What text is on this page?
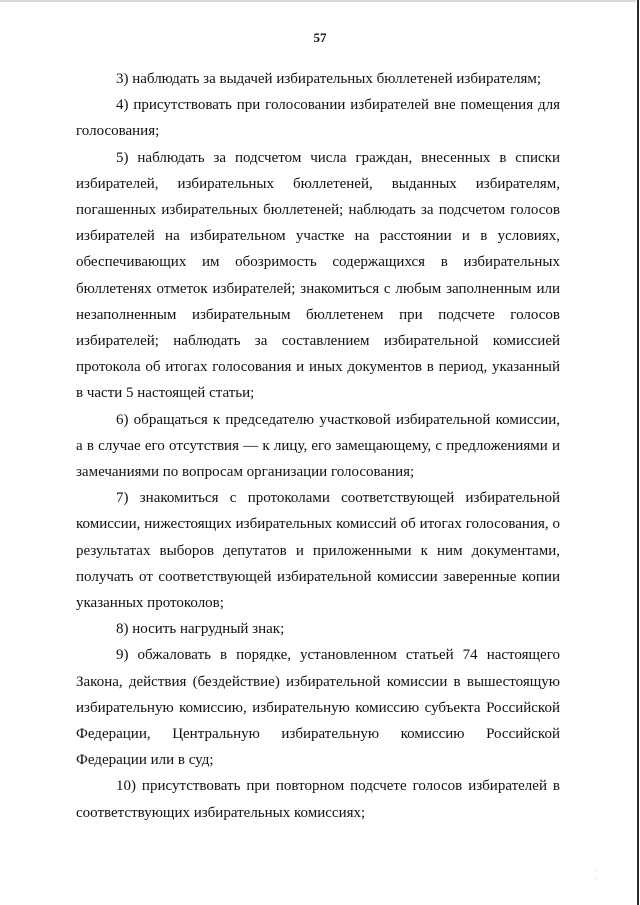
57

3) наблюдать за выдачей избирательных бюллетеней избирателям;

4) присутствовать при голосовании избирателей вне помещения для голосования;

5) наблюдать за подсчетом числа граждан, внесенных в списки избирателей, избирательных бюллетеней, выданных избирателям, погашенных избирательных бюллетеней; наблюдать за подсчетом голосов избирателей на избирательном участке на расстоянии и в условиях, обеспечивающих им обозримость содержащихся в избирательных бюллетенях отметок избирателей; знакомиться с любым заполненным или незаполненным избирательным бюллетенем при подсчете голосов избирателей; наблюдать за составлением избирательной комиссией протокола об итогах голосования и иных документов в период, указанный в части 5 настоящей статьи;

6) обращаться к председателю участковой избирательной комиссии, а в случае его отсутствия — к лицу, его замещающему, с предложениями и замечаниями по вопросам организации голосования;

7) знакомиться с протоколами соответствующей избирательной комиссии, нижестоящих избирательных комиссий об итогах голосования, о результатах выборов депутатов и приложенными к ним документами, получать от соответствующей избирательной комиссии заверенные копии указанных протоколов;

8) носить нагрудный знак;

9) обжаловать в порядке, установленном статьей 74 настоящего Закона, действия (бездействие) избирательной комиссии в вышестоящую избирательную комиссию, избирательную комиссию субъекта Российской Федерации, Центральную избирательную комиссию Российской Федерации или в суд;

10) присутствовать при повторном подсчете голосов избирателей в соответствующих избирательных комиссиях;

·
·
